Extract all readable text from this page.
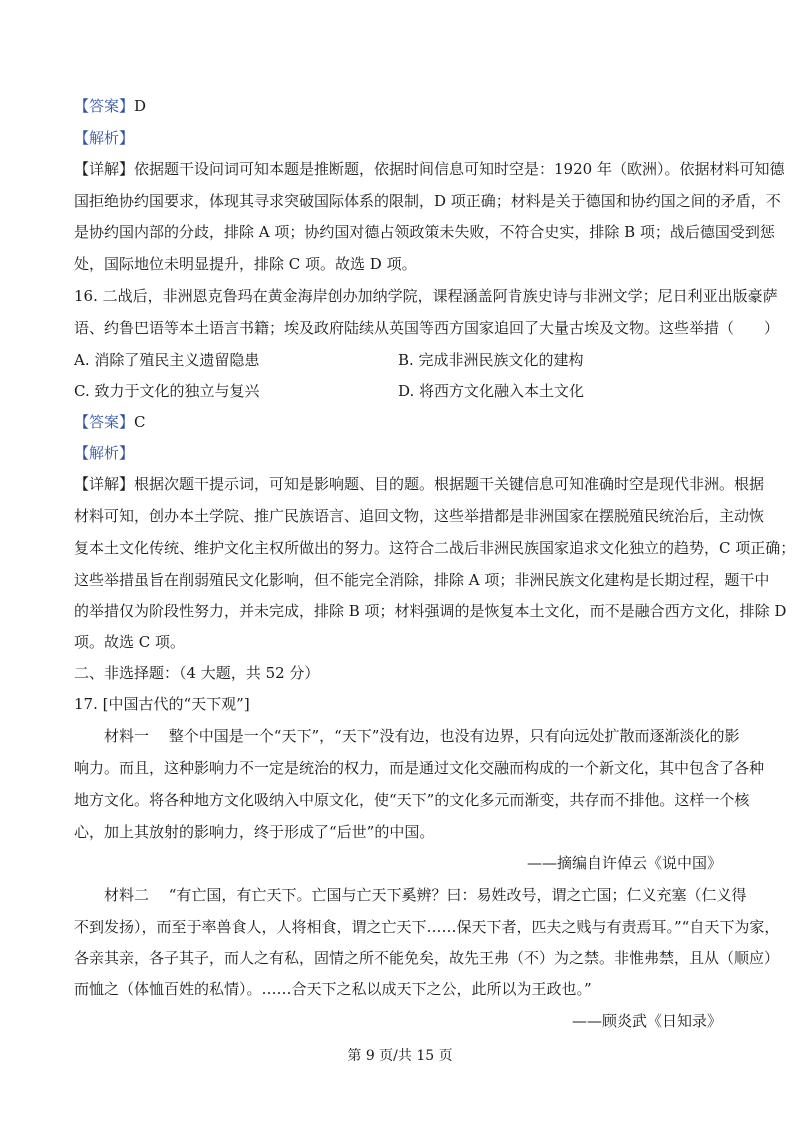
【答案】D
【解析】
【详解】依据题干设问词可知本题是推断题，依据时间信息可知时空是：1920 年（欧洲）。依据材料可知德
国拒绝协约国要求，体现其寻求突破国际体系的限制，D 项正确；材料是关于德国和协约国之间的矛盾，不
是协约国内部的分歧，排除 A 项；协约国对德占领政策未失败，不符合史实，排除 B 项；战后德国受到惩
处，国际地位未明显提升，排除 C 项。故选 D 项。
16. 二战后，非洲恩克鲁玛在黄金海岸创办加纳学院，课程涵盖阿肯族史诗与非洲文学；尼日利亚出版豪萨
语、约鲁巴语等本土语言书籍；埃及政府陆续从英国等西方国家追回了大量古埃及文物。这些举措（　　）
A. 消除了殖民主义遗留隐患	B. 完成非洲民族文化的建构
C. 致力于文化的独立与复兴	D. 将西方文化融入本土文化
【答案】C
【解析】
【详解】根据次题干提示词，可知是影响题、目的题。根据题干关键信息可知准确时空是现代非洲。根据
材料可知，创办本土学院、推广民族语言、追回文物，这些举措都是非洲国家在摆脱殖民统治后，主动恢
复本土文化传统、维护文化主权所做出的努力。这符合二战后非洲民族国家追求文化独立的趋势，C 项正确；
这些举措虽旨在削弱殖民文化影响，但不能完全消除，排除 A 项；非洲民族文化建构是长期过程，题干中
的举措仅为阶段性努力，并未完成，排除 B 项；材料强调的是恢复本土文化，而不是融合西方文化，排除 D
项。故选 C 项。
二、非选择题：（4 大题，共 52 分）
17. [中国古代的“天下观”]
材料一　 整个中国是一个“天下”，“天下”没有边，也没有边界，只有向远处扩散而逐渐淡化的影
响力。而且，这种影响力不一定是统治的权力，而是通过文化交融而构成的一个新文化，其中包含了各种
地方文化。将各种地方文化吸纳入中原文化，使“天下”的文化多元而渐变，共存而不排他。这样一个核
心，加上其放射的影响力，终于形成了“后世”的中国。
——摘编自许倬云《说中国》
材料二　 “有亡国，有亡天下。亡国与亡天下奚辨？曰：易姓改号，谓之亡国；仁义充塞（仁义得
不到发扬），而至于率兽食人，人将相食，谓之亡天下……保天下者，匹夫之贱与有责焉耳。”“自天下为家，
各亲其亲，各子其子，而人之有私，固情之所不能免矣，故先王弗（不）为之禁。非惟弗禁，且从（顺应）
而恤之（体恤百姓的私情）。……合天下之私以成天下之公，此所以为王政也。”
——顾炎武《日知录》
第 9 页/共 15 页
